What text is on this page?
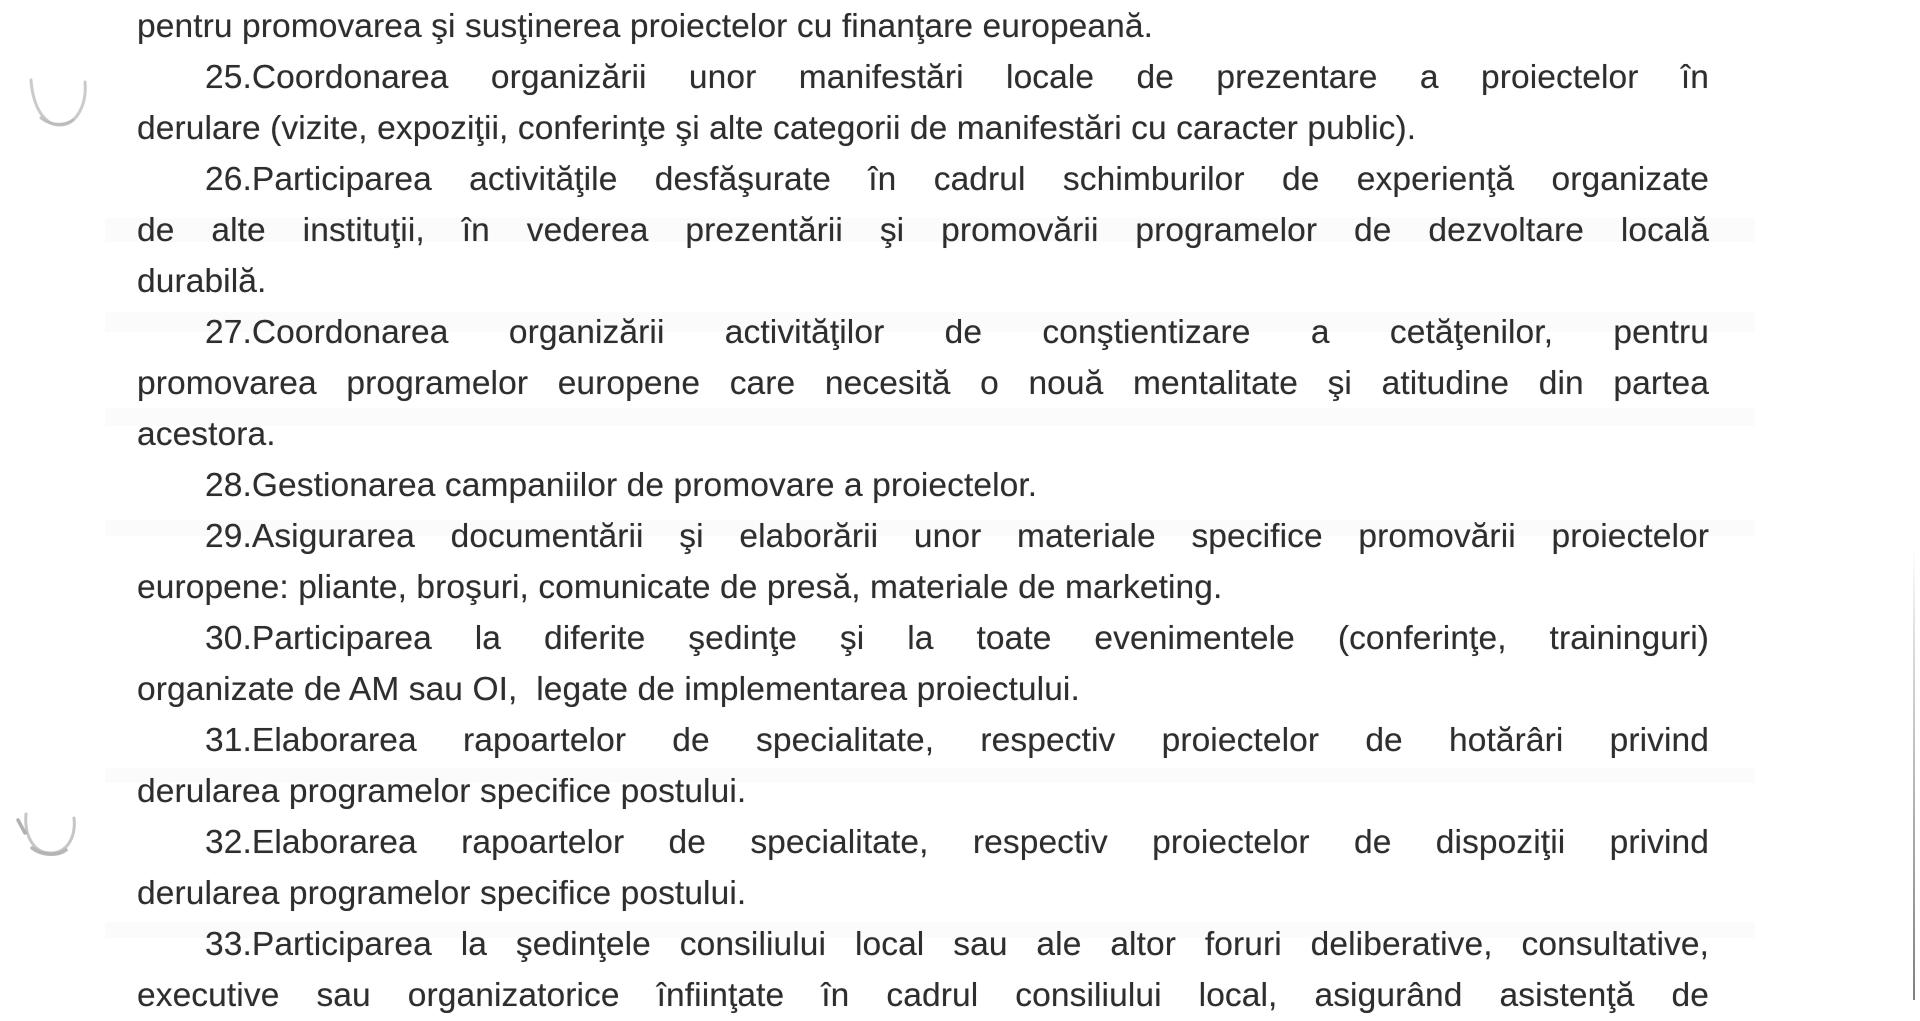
pentru promovarea şi susţinerea proiectelor cu finanţare europeană.
25.Coordonarea organizării unor manifestări locale de prezentare a proiectelor în
derulare (vizite, expoziţii, conferinţe şi alte categorii de manifestări cu caracter public).
26.Participarea activităţile desfăşurate în cadrul schimburilor de experienţă organizate
de alte instituţii, în vederea prezentării şi promovării programelor de dezvoltare locală
durabilă.
27.Coordonarea organizării activităţilor de conştientizare a cetăţenilor, pentru
promovarea programelor europene care necesită o nouă mentalitate şi atitudine din partea
acestora.
28.Gestionarea campaniilor de promovare a proiectelor.
29.Asigurarea documentării şi elaborării unor materiale specifice promovării proiectelor
europene: pliante, broşuri, comunicate de presă, materiale de marketing.
30.Participarea la diferite şedinţe şi la toate evenimentele (conferinţe, traininguri)
organizate de AM sau OI,  legate de implementarea proiectului.
31.Elaborarea rapoartelor de specialitate, respectiv proiectelor de hotărâri privind
derularea programelor specifice postului.
32.Elaborarea rapoartelor de specialitate, respectiv proiectelor de dispoziţii privind
derularea programelor specifice postului.
33.Participarea la şedinţele consiliului local sau ale altor foruri deliberative, consultative,
executive sau organizatorice înfiinţate în cadrul consiliului local, asigurând asistenţă de
